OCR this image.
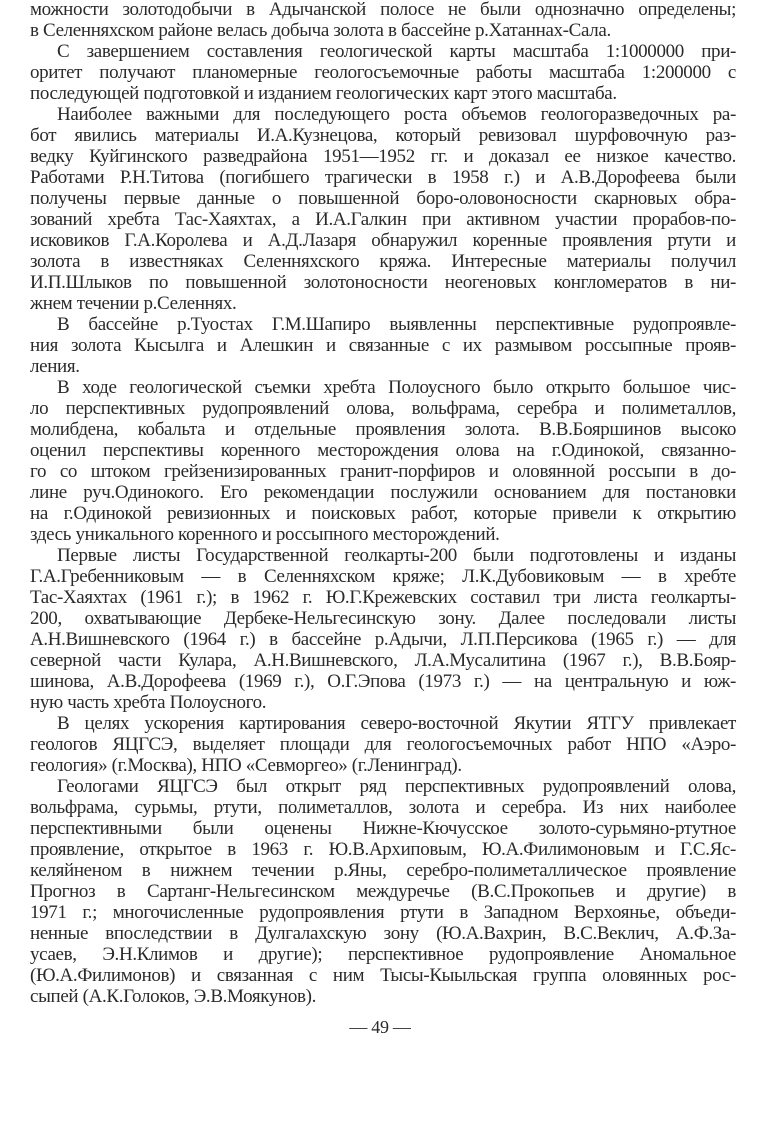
можности золотодобычи в Адычанской полосе не были однозначно определены;
в Селенняхском районе велась добыча золота в бассейне р.Хатаннах-Сала.
С завершением составления геологической карты масштаба 1:1000000 при-
оритет получают планомерные геологосъемочные работы масштаба 1:200000 с
последующей подготовкой и изданием геологических карт этого масштаба.
Наиболее важными для последующего роста объемов геологоразведочных ра-
бот явились материалы И.А.Кузнецова, который ревизовал шурфовочную раз-
ведку Куйгинского разведрайона 1951—1952 гг. и доказал ее низкое качество.
Работами Р.Н.Титова (погибшего трагически в 1958 г.) и А.В.Дорофеева были
получены первые данные о повышенной боро-оловоносности скарновых обра-
зований хребта Тас-Хаяхтах, а И.А.Галкин при активном участии прорабов-по-
исковиков Г.А.Королева и А.Д.Лазаря обнаружил коренные проявления ртути и
золота в известняках Селенняхского кряжа. Интересные материалы получил
И.П.Шлыков по повышенной золотоносности неогеновых конгломератов в ни-
жнем течении р.Селеннях.
В бассейне р.Туостах Г.М.Шапиро выявленны перспективные рудопроявле-
ния золота Кысылга и Алешкин и связанные с их размывом россыпные прояв-
ления.
В ходе геологической съемки хребта Полоусного было открыто большое чис-
ло перспективных рудопроявлений олова, вольфрама, серебра и полиметаллов,
молибдена, кобальта и отдельные проявления золота. В.В.Бояршинов высоко
оценил перспективы коренного месторождения олова на г.Одинокой, связанно-
го со штоком грейзенизированных гранит-порфиров и оловянной россыпи в до-
лине руч.Одинокого. Его рекомендации послужили основанием для постановки
на г.Одинокой ревизионных и поисковых работ, которые привели к открытию
здесь уникального коренного и россыпного месторождений.
Первые листы Государственной геолкарты-200 были подготовлены и изданы
Г.А.Гребенниковым — в Селенняхском кряже; Л.К.Дубовиковым — в хребте
Тас-Хаяхтах (1961 г.); в 1962 г. Ю.Г.Крежевских составил три листа геолкарты-
200, охватывающие Дербеке-Нельгесинскую зону. Далее последовали листы
А.Н.Вишневского (1964 г.) в бассейне р.Адычи, Л.П.Персикова (1965 г.) — для
северной части Кулара, А.Н.Вишневского, Л.А.Мусалитина (1967 г.), В.В.Бояр-
шинова, А.В.Дорофеева (1969 г.), О.Г.Эпова (1973 г.) — на центральную и юж-
ную часть хребта Полоусного.
В целях ускорения картирования северо-восточной Якутии ЯТГУ привлекает
геологов ЯЦГСЭ, выделяет площади для геологосъемочных работ НПО «Аэро-
геология» (г.Москва), НПО «Севморгео» (г.Ленинград).
Геологами ЯЦГСЭ был открыт ряд перспективных рудопроявлений олова,
вольфрама, сурьмы, ртути, полиметаллов, золота и серебра. Из них наиболее
перспективными были оценены Нижне-Кючусское золото-сурьмяно-ртутное
проявление, открытое в 1963 г. Ю.В.Архиповым, Ю.А.Филимоновым и Г.С.Яс-
келяйненом в нижнем течении р.Яны, серебро-полиметаллическое проявление
Прогноз в Сартанг-Нельгесинском междуречье (В.С.Прокопьев и другие) в
1971 г.; многочисленные рудопроявления ртути в Западном Верхоянье, объеди-
ненные впоследствии в Дулгалахскую зону (Ю.А.Вахрин, В.С.Веклич, А.Ф.За-
усаев, Э.Н.Климов и другие); перспективное рудопроявление Аномальное
(Ю.А.Филимонов) и связанная с ним Тысы-Кыыльская группа оловянных рос-
сыпей (А.К.Голоков, Э.В.Моякунов).
— 49 —
